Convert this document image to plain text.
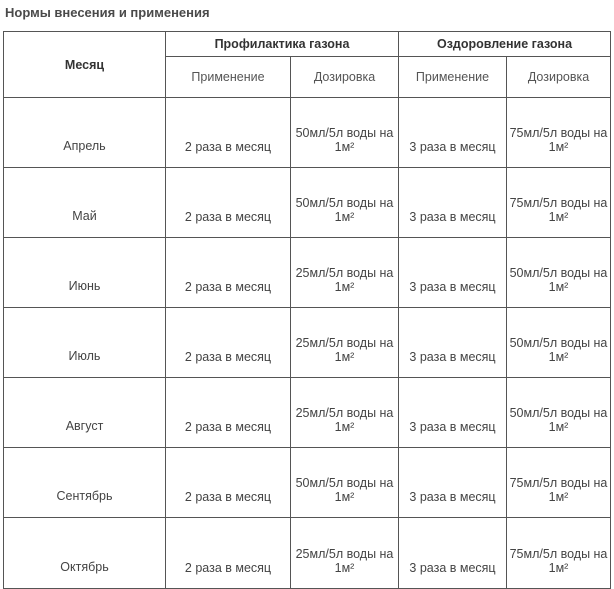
Нормы внесения и применения
Месяц	Профилактика газона		Оздоровление газона	
	Применение	Дозировка	Применение	Дозировка
Апрель	2 раза в месяц	50мл/5л воды на 1м²	3 раза в месяц	75мл/5л воды на 1м²
Май	2 раза в месяц	50мл/5л воды на 1м²	3 раза в месяц	75мл/5л воды на 1м²
Июнь	2 раза в месяц	25мл/5л воды на 1м²	3 раза в месяц	50мл/5л воды на 1м²
Июль	2 раза в месяц	25мл/5л воды на 1м²	3 раза в месяц	50мл/5л воды на 1м²
Август	2 раза в месяц	25мл/5л воды на 1м²	3 раза в месяц	50мл/5л воды на 1м²
Сентябрь	2 раза в месяц	50мл/5л воды на 1м²	3 раза в месяц	75мл/5л воды на 1м²
Октябрь	2 раза в месяц	25мл/5л воды на 1м²	3 раза в месяц	75мл/5л воды на 1м²
